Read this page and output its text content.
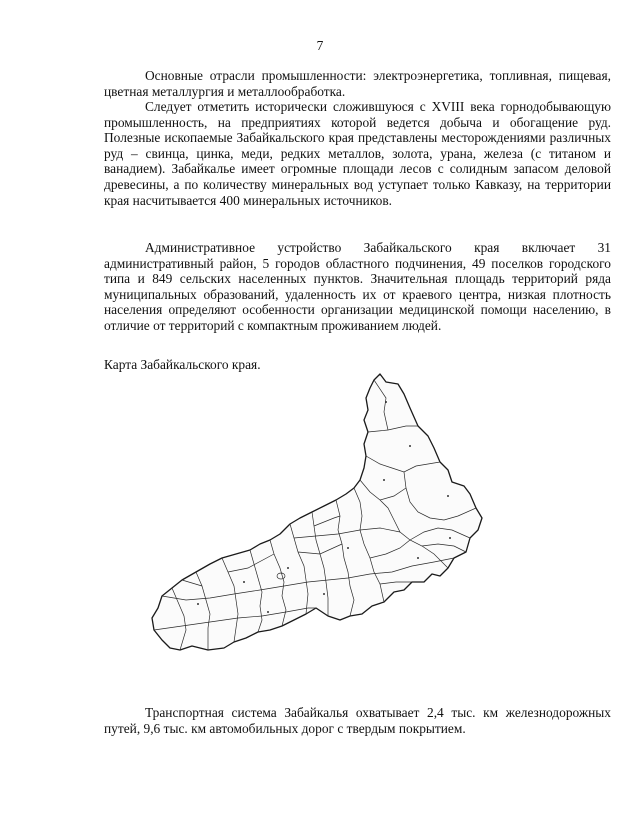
7

Основные отрасли промышленности: электроэнергетика, топливная, пищевая, цветная металлургия и металлообработка.

Следует отметить исторически сложившуюся с XVIII века горнодобывающую промышленность, на предприятиях которой ведется добыча и обогащение руд. Полезные ископаемые Забайкальского края представлены месторождениями различных руд – свинца, цинка, меди, редких металлов, золота, урана, железа (с титаном и ванадием). Забайкалье имеет огромные площади лесов с солидным запасом деловой древесины, а по количеству минеральных вод уступает только Кавказу, на территории края насчитывается 400 минеральных источников.

Административное устройство Забайкальского края включает 31 административный район, 5 городов областного подчинения, 49 поселков городского типа и 849 сельских населенных пунктов. Значительная площадь территорий ряда муниципальных образований, удаленность их от краевого центра, низкая плотность населения определяют особенности организации медицинской помощи населению, в отличие от территорий с компактным проживанием людей.

Карта Забайкальского края.

Транспортная система Забайкалья охватывает 2,4 тыс. км железнодорожных путей, 9,6 тыс. км автомобильных дорог с твердым покрытием.
